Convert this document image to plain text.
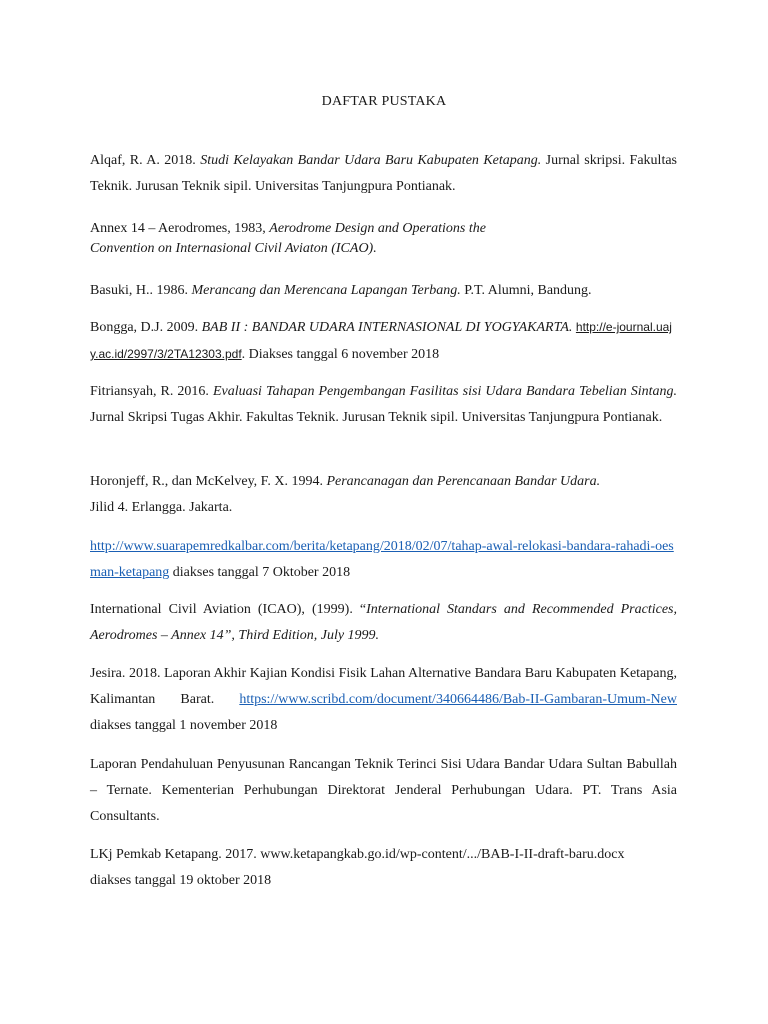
DAFTAR PUSTAKA

Alqaf, R. A. 2018. Studi Kelayakan Bandar Udara Baru Kabupaten Ketapang. Jurnal skripsi. Fakultas Teknik. Jurusan Teknik sipil. Universitas Tanjungpura Pontianak.

Annex 14 – Aerodromes, 1983, Aerodrome Design and Operations the
Convention on Internasional Civil Aviaton (ICAO).

Basuki, H.. 1986. Merancang dan Merencana Lapangan Terbang. P.T. Alumni, Bandung.

Bongga, D.J. 2009. BAB II : BANDAR UDARA INTERNASIONAL DI YOGYAKARTA. http://e-journal.uajy.ac.id/2997/3/2TA12303.pdf. Diakses tanggal 6 november 2018

Fitriansyah, R. 2016. Evaluasi Tahapan Pengembangan Fasilitas sisi Udara Bandara Tebelian Sintang. Jurnal Skripsi Tugas Akhir. Fakultas Teknik. Jurusan Teknik sipil. Universitas Tanjungpura Pontianak.

Horonjeff, R., dan McKelvey, F. X. 1994. Perancanagan dan Perencanaan Bandar Udara.
Jilid 4. Erlangga. Jakarta.

http://www.suarapemredkalbar.com/berita/ketapang/2018/02/07/tahap-awal-relokasi-bandara-rahadi-oesman-ketapang diakses tanggal 7 Oktober 2018

International Civil Aviation (ICAO), (1999). “International Standars and Recommended Practices, Aerodromes – Annex 14”, Third Edition, July 1999.

Jesira. 2018. Laporan Akhir Kajian Kondisi Fisik Lahan Alternative Bandara Baru Kabupaten Ketapang, Kalimantan Barat. https://www.scribd.com/document/340664486/Bab-II-Gambaran-Umum-New diakses tanggal 1 november 2018

Laporan Pendahuluan Penyusunan Rancangan Teknik Terinci Sisi Udara Bandar Udara Sultan Babullah – Ternate. Kementerian Perhubungan Direktorat Jenderal Perhubungan Udara. PT. Trans Asia Consultants.

LKj Pemkab Ketapang. 2017. www.ketapangkab.go.id/wp-content/.../BAB-I-II-draft-baru.docx
diakses tanggal 19 oktober 2018
